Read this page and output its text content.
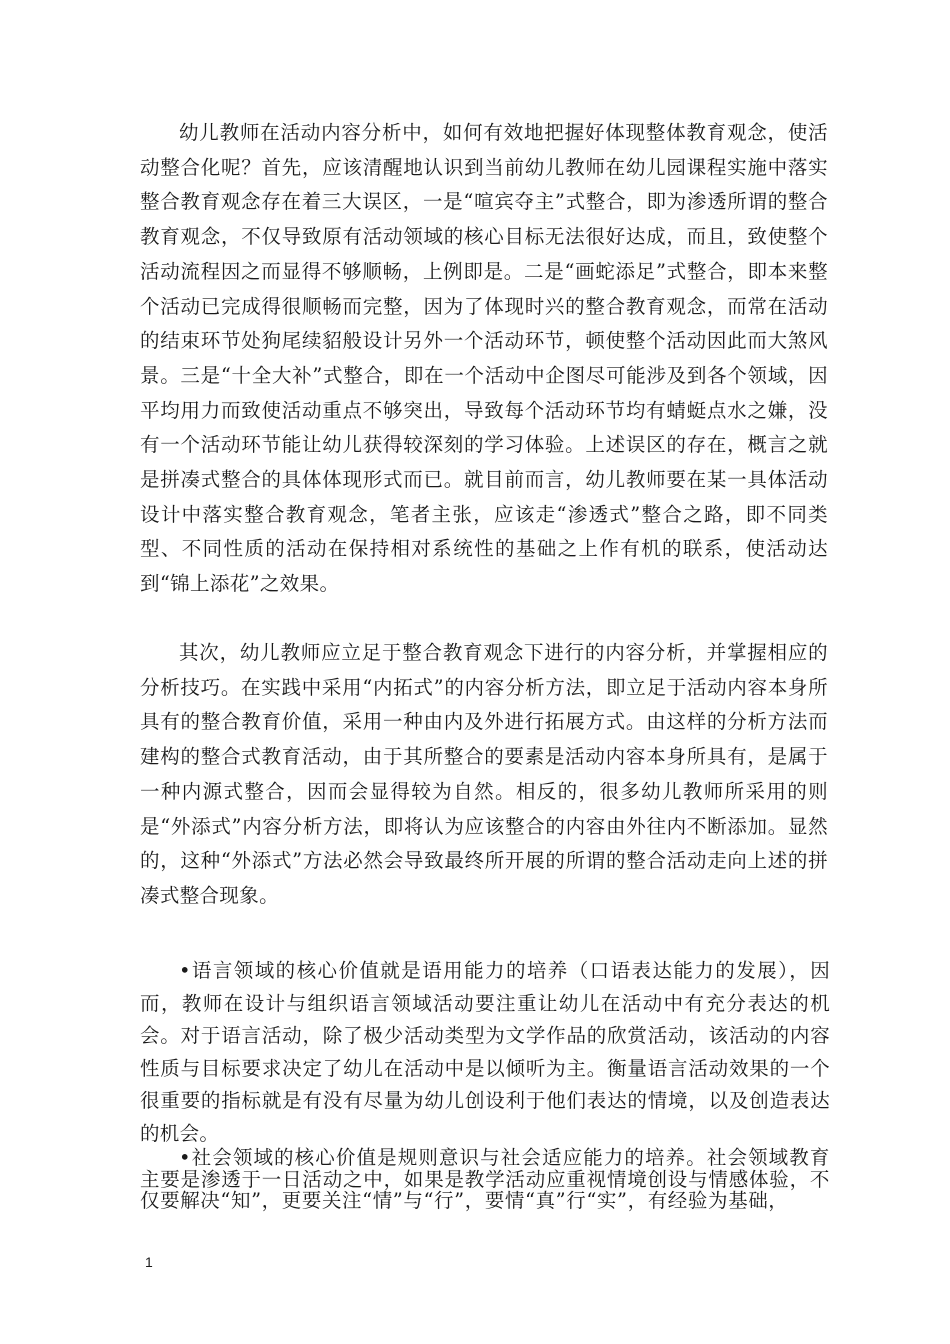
幼儿教师在活动内容分析中，如何有效地把握好体现整体教育观念，使活动整合化呢？首先，应该清醒地认识到当前幼儿教师在幼儿园课程实施中落实整合教育观念存在着三大误区，一是“喧宾夺主”式整合，即为渗透所谓的整合教育观念，不仅导致原有活动领域的核心目标无法很好达成，而且，致使整个活动流程因之而显得不够顺畅，上例即是。二是“画蛇添足”式整合，即本来整个活动已完成得很顺畅而完整，因为了体现时兴的整合教育观念，而常在活动的结束环节处狗尾续貂般设计另外一个活动环节，顿使整个活动因此而大煞风景。三是“十全大补”式整合，即在一个活动中企图尽可能涉及到各个领域，因平均用力而致使活动重点不够突出，导致每个活动环节均有蜻蜓点水之嫌，没有一个活动环节能让幼儿获得较深刻的学习体验。上述误区的存在，概言之就是拼凑式整合的具体体现形式而已。就目前而言，幼儿教师要在某一具体活动设计中落实整合教育观念，笔者主张，应该走“渗透式”整合之路，即不同类型、不同性质的活动在保持相对系统性的基础之上作有机的联系，使活动达到“锦上添花”之效果。

其次，幼儿教师应立足于整合教育观念下进行的内容分析，并掌握相应的分析技巧。在实践中采用“内拓式”的内容分析方法，即立足于活动内容本身所具有的整合教育价值，采用一种由内及外进行拓展方式。由这样的分析方法而建构的整合式教育活动，由于其所整合的要素是活动内容本身所具有，是属于一种内源式整合，因而会显得较为自然。相反的，很多幼儿教师所采用的则是“外添式”内容分析方法，即将认为应该整合的内容由外往内不断添加。显然的，这种“外添式”方法必然会导致最终所开展的所谓的整合活动走向上述的拼凑式整合现象。

•语言领域的核心价值就是语用能力的培养（口语表达能力的发展），因而，教师在设计与组织语言领域活动要注重让幼儿在活动中有充分表达的机会。对于语言活动，除了极少活动类型为文学作品的欣赏活动，该活动的内容性质与目标要求决定了幼儿在活动中是以倾听为主。衡量语言活动效果的一个很重要的指标就是有没有尽量为幼儿创设利于他们表达的情境，以及创造表达的机会。

•社会领域的核心价值是规则意识与社会适应能力的培养。社会领域教育主要是渗透于一日活动之中，如果是教学活动应重视情境创设与情感体验，不仅要解决“知”，更要关注“情”与“行”，要情“真”行“实”，有经验为基础，

1
